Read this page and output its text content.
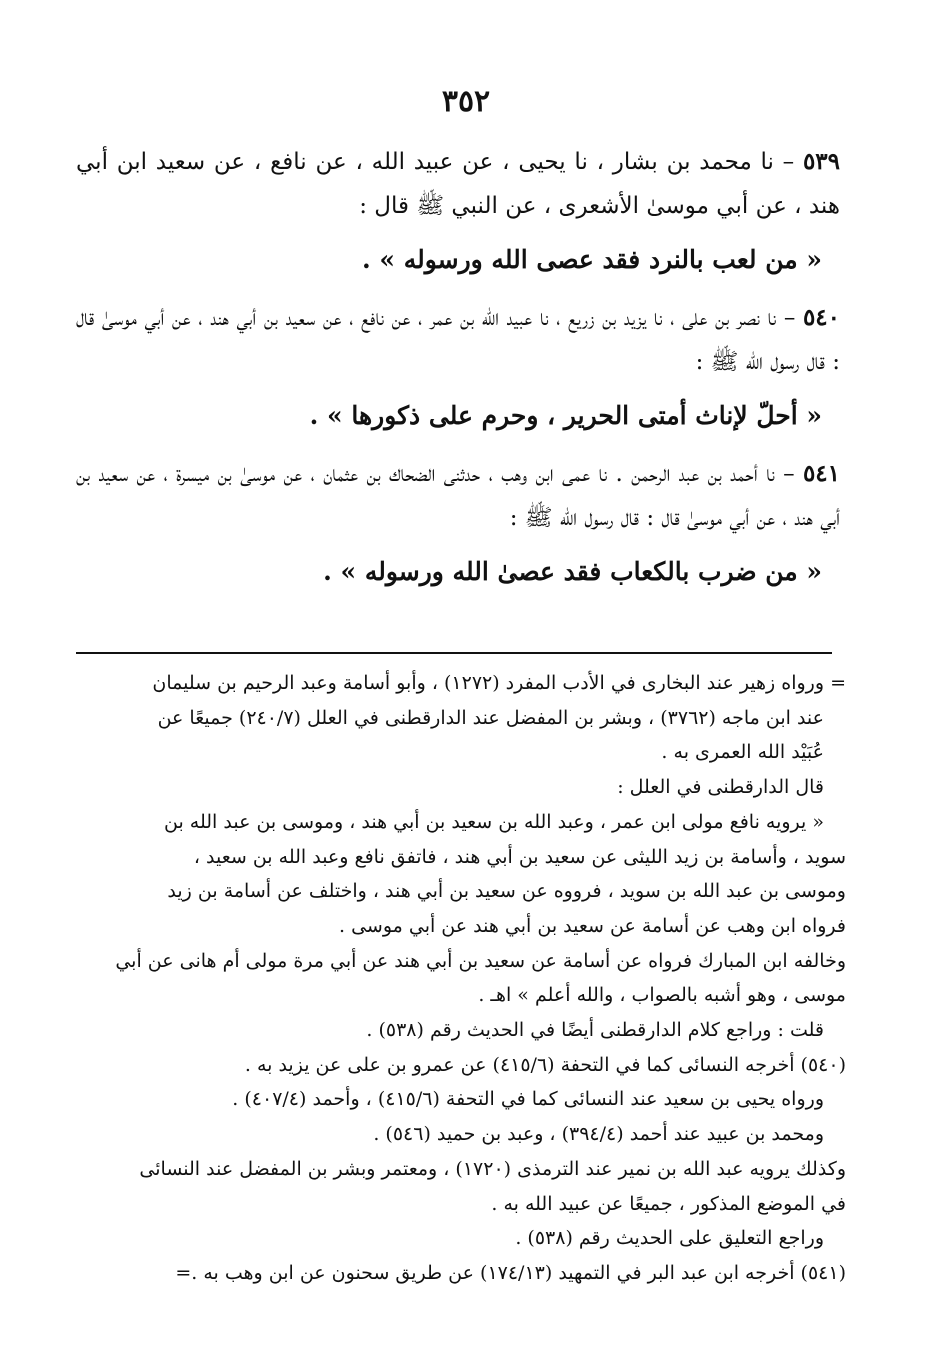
٣٥٢

٥٣٩ – نا محمد بن بشار ، نا يحيى ، عن عبيد الله ، عن نافع ، عن سعيد ابن أبي هند ، عن أبي موسىٰ الأشعرى ، عن النبي ﷺ قال :

« من لعب بالنرد فقد عصى الله ورسوله » .

٥٤٠ – نا نصر بن على ، نا يزيد بن زريع ، نا عبيد الله بن عمر ، عن نافع ، عن سعيد بن أبي هند ، عن أبي موسىٰ قال : قال رسول الله ﷺ :

« أحلّ لإناث أمتى الحرير ، وحرم على ذكورها » .

٥٤١ – نا أحمد بن عبد الرحمن . نا عمى ابن وهب ، حدثنى الضحاك بن عثمان ، عن موسىٰ بن ميسرة ، عن سعيد بن أبي هند ، عن أبي موسىٰ قال : قال رسول الله ﷺ :

« من ضرب بالكعاب فقد عصىٰ الله ورسوله » .

= ورواه زهير عند البخارى في الأدب المفرد (١٢٧٢) ، وأبو أسامة وعبد الرحيم بن سليمان

عند ابن ماجه (٣٧٦٢) ، وبشر بن المفضل عند الدارقطنى في العلل (٢٤٠/٧) جميعًا عن

عُبَيْد الله العمرى به .

قال الدارقطنى في العلل :

« يرويه نافع مولى ابن عمر ، وعبد الله بن سعيد بن أبي هند ، وموسى بن عبد الله بن

سويد ، وأسامة بن زيد الليثى عن سعيد بن أبي هند ، فاتفق نافع وعبد الله بن سعيد ،

وموسى بن عبد الله بن سويد ، فرووه عن سعيد بن أبي هند ، واختلف عن أسامة بن زيد

فرواه ابن وهب عن أسامة عن سعيد بن أبي هند عن أبي موسى .

وخالفه ابن المبارك فرواه عن أسامة عن سعيد بن أبي هند عن أبي مرة مولى أم هانى عن أبي

موسى ، وهو أشبه بالصواب ، والله أعلم » اهـ .

قلت : وراجع كلام الدارقطنى أيضًا في الحديث رقم (٥٣٨) .

(٥٤٠) أخرجه النسائى كما في التحفة (٤١٥/٦) عن عمرو بن على عن يزيد به .

ورواه يحيى بن سعيد عند النسائى كما في التحفة (٤١٥/٦) ، وأحمد (٤٠٧/٤) .

ومحمد بن عبيد عند أحمد (٣٩٤/٤) ، وعبد بن حميد (٥٤٦) .

وكذلك يرويه عبد الله بن نمير عند الترمذى (١٧٢٠) ، ومعتمر وبشر بن المفضل عند النسائى

في الموضع المذكور ، جميعًا عن عبيد الله به .

وراجع التعليق على الحديث رقم (٥٣٨) .

(٥٤١) أخرجه ابن عبد البر في التمهيد (١٧٤/١٣) عن طريق سحنون عن ابن وهب به .=
